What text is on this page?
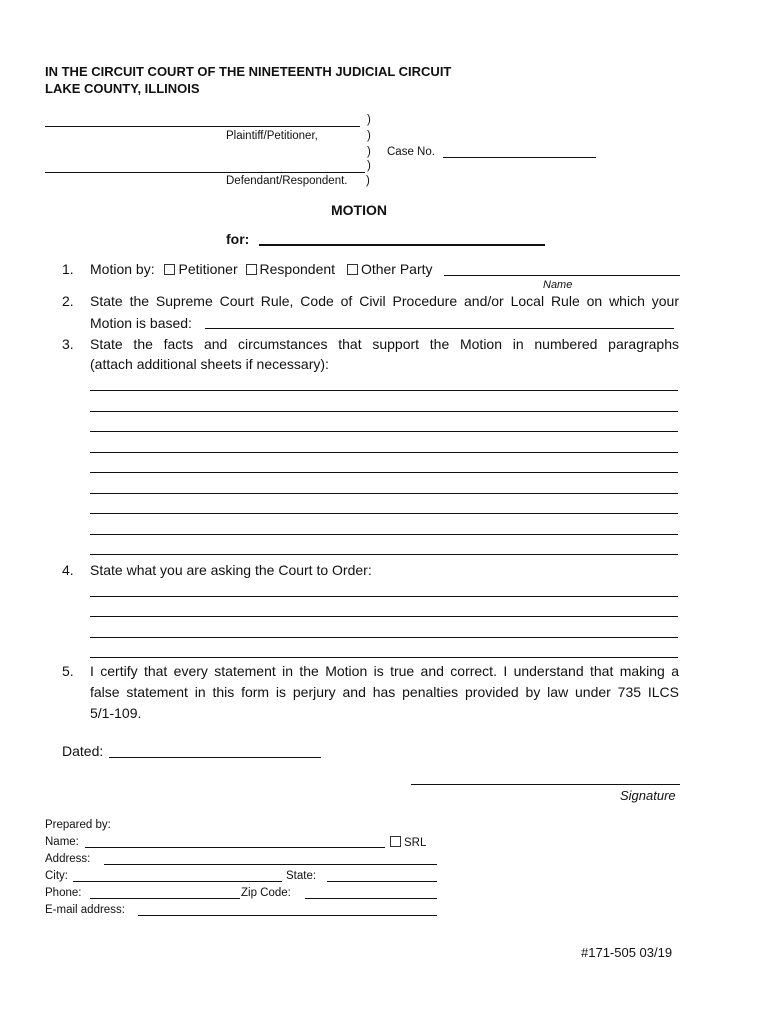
IN THE CIRCUIT COURT OF THE NINETEENTH JUDICIAL CIRCUIT
LAKE COUNTY, ILLINOIS
)
Plaintiff/Petitioner,	)
) Case No.
)
Defendant/Respondent. )
MOTION
for:
1. Motion by: Petitioner Respondent Other Party
Name
2. State the Supreme Court Rule, Code of Civil Procedure and/or Local Rule on which your
Motion is based:
3. State the facts and circumstances that support the Motion in numbered paragraphs
(attach additional sheets if necessary):
4. State what you are asking the Court to Order:
5. I certify that every statement in the Motion is true and correct. I understand that making a
false statement in this form is perjury and has penalties provided by law under 735 ILCS
5/1-109.
Dated:
Signature
Prepared by:
Name:	SRL
Address:
City:	State:
Phone:	Zip Code:
E-mail address:
#171-505 03/19
